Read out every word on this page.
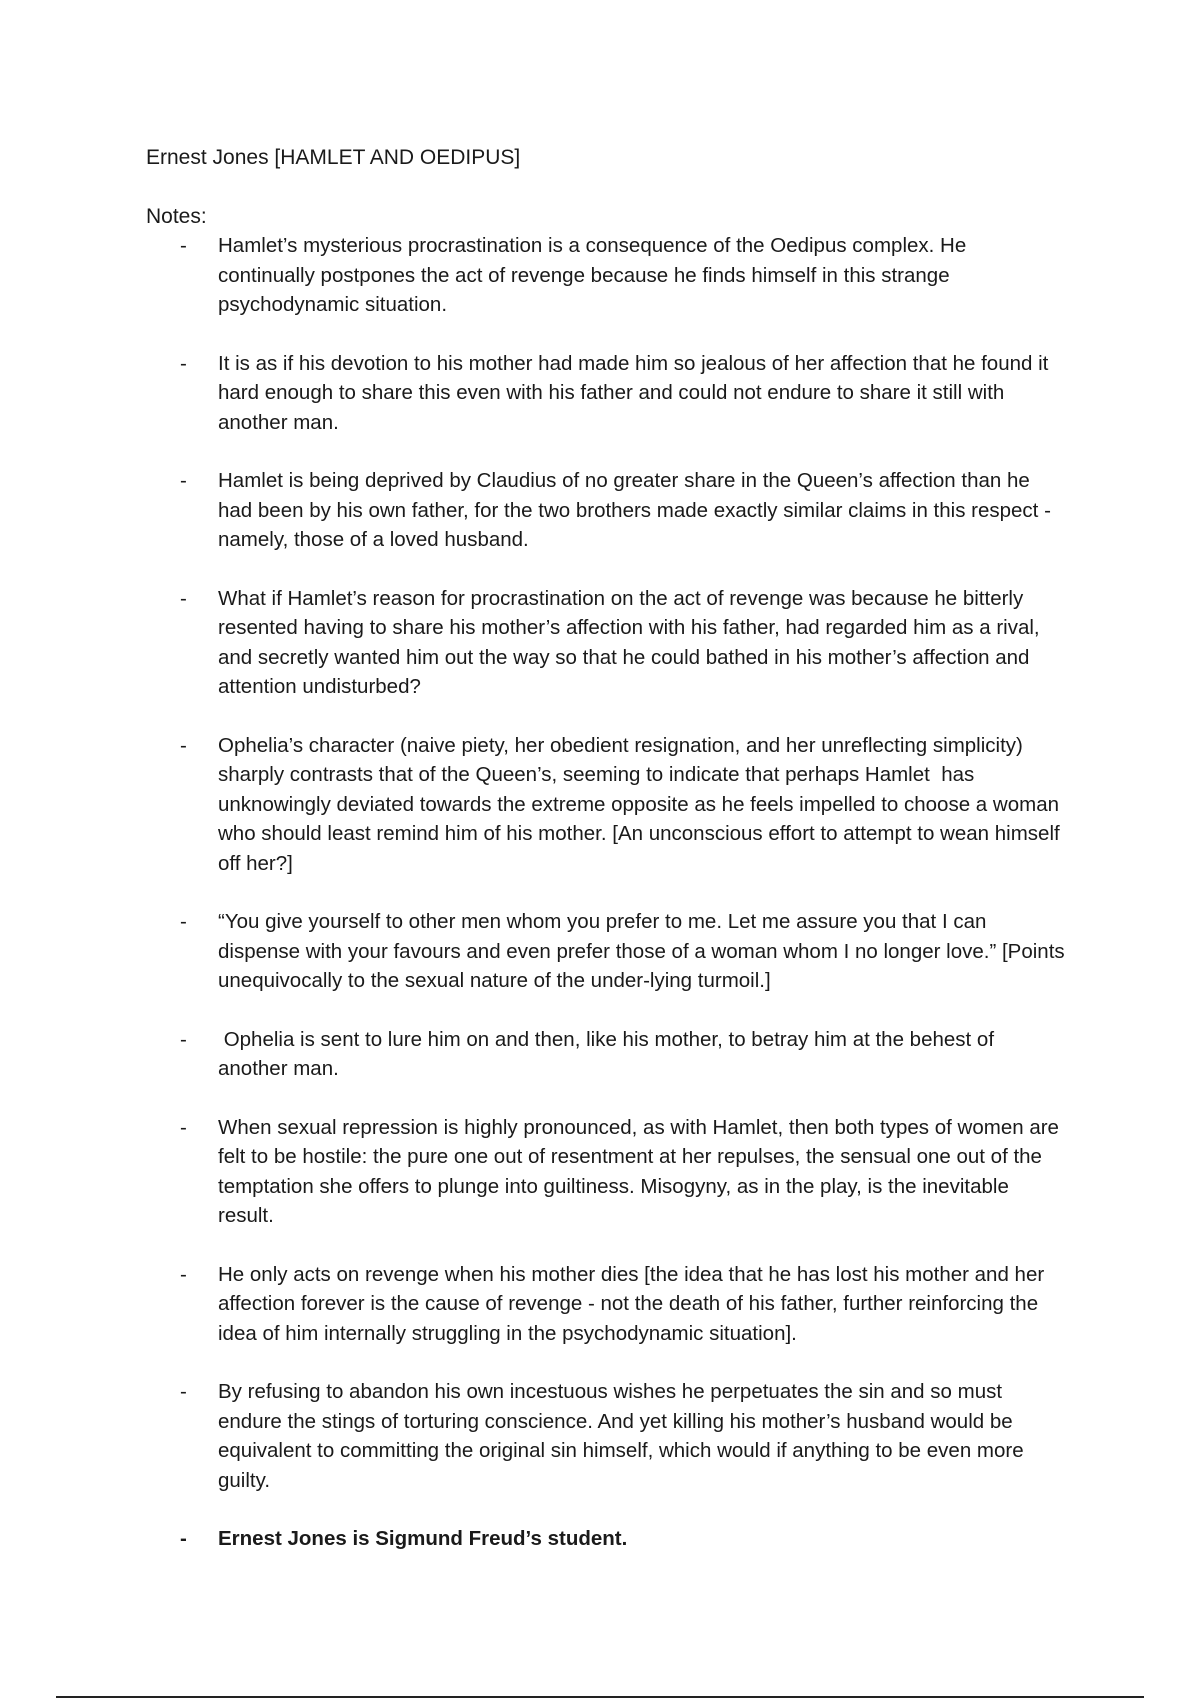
Ernest Jones [HAMLET AND OEDIPUS]

Notes:

- Hamlet’s mysterious procrastination is a consequence of the Oedipus complex. He continually postpones the act of revenge because he finds himself in this strange psychodynamic situation.
- It is as if his devotion to his mother had made him so jealous of her affection that he found it hard enough to share this even with his father and could not endure to share it still with another man.
- Hamlet is being deprived by Claudius of no greater share in the Queen’s affection than he had been by his own father, for the two brothers made exactly similar claims in this respect - namely, those of a loved husband.
- What if Hamlet’s reason for procrastination on the act of revenge was because he bitterly resented having to share his mother’s affection with his father, had regarded him as a rival, and secretly wanted him out the way so that he could bathed in his mother’s affection and attention undisturbed?
- Ophelia’s character (naive piety, her obedient resignation, and her unreflecting simplicity) sharply contrasts that of the Queen’s, seeming to indicate that perhaps Hamlet  has unknowingly deviated towards the extreme opposite as he feels impelled to choose a woman who should least remind him of his mother. [An unconscious effort to attempt to wean himself off her?]
- “You give yourself to other men whom you prefer to me. Let me assure you that I can dispense with your favours and even prefer those of a woman whom I no longer love.” [Points unequivocally to the sexual nature of the under-lying turmoil.]
- Ophelia is sent to lure him on and then, like his mother, to betray him at the behest of another man.
- When sexual repression is highly pronounced, as with Hamlet, then both types of women are felt to be hostile: the pure one out of resentment at her repulses, the sensual one out of the temptation she offers to plunge into guiltiness. Misogyny, as in the play, is the inevitable result.
- He only acts on revenge when his mother dies [the idea that he has lost his mother and her affection forever is the cause of revenge - not the death of his father, further reinforcing the idea of him internally struggling in the psychodynamic situation].
- By refusing to abandon his own incestuous wishes he perpetuates the sin and so must endure the stings of torturing conscience. And yet killing his mother’s husband would be equivalent to committing the original sin himself, which would if anything to be even more guilty.
- Ernest Jones is Sigmund Freud’s student.
